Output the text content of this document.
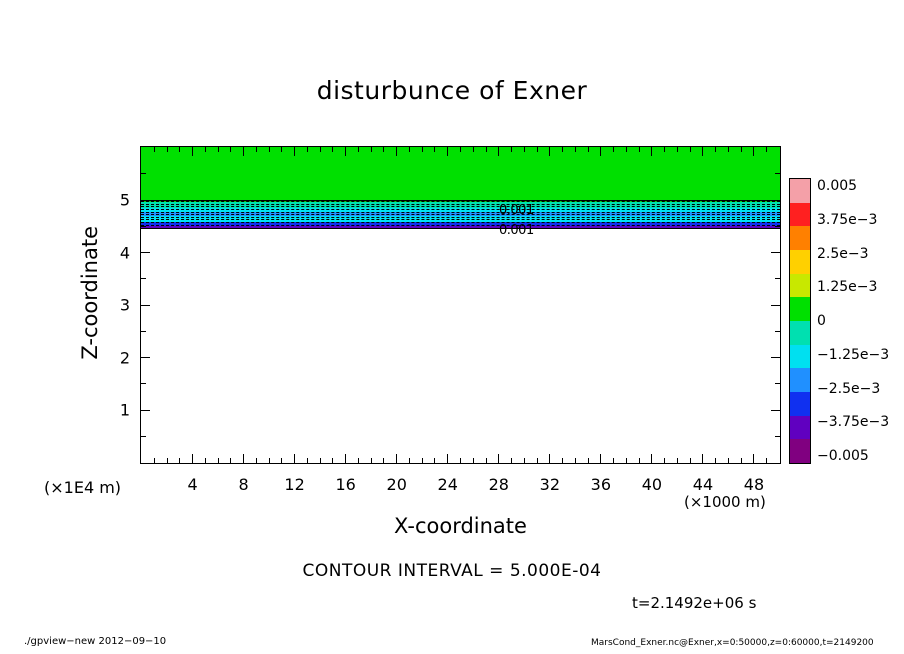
disturbunce of Exner
0.001
0.001
4	8 12 16 20 24 28 32 36 40 44 48
1
2
3
4
5
X-coordinate
Z-coordinate
(×1E4 m)
(×1000 m)
CONTOUR INTERVAL = 5.000E-04
t=2.1492e+06 s
./gpview−new 2012−09−10	MarsCond_Exner.nc@Exner,x=0:50000,z=0:60000,t=2149200
0.005
3.75e−3
2.5e−3
1.25e−3
0
−1.25e−3
−2.5e−3
−3.75e−3
−0.005
